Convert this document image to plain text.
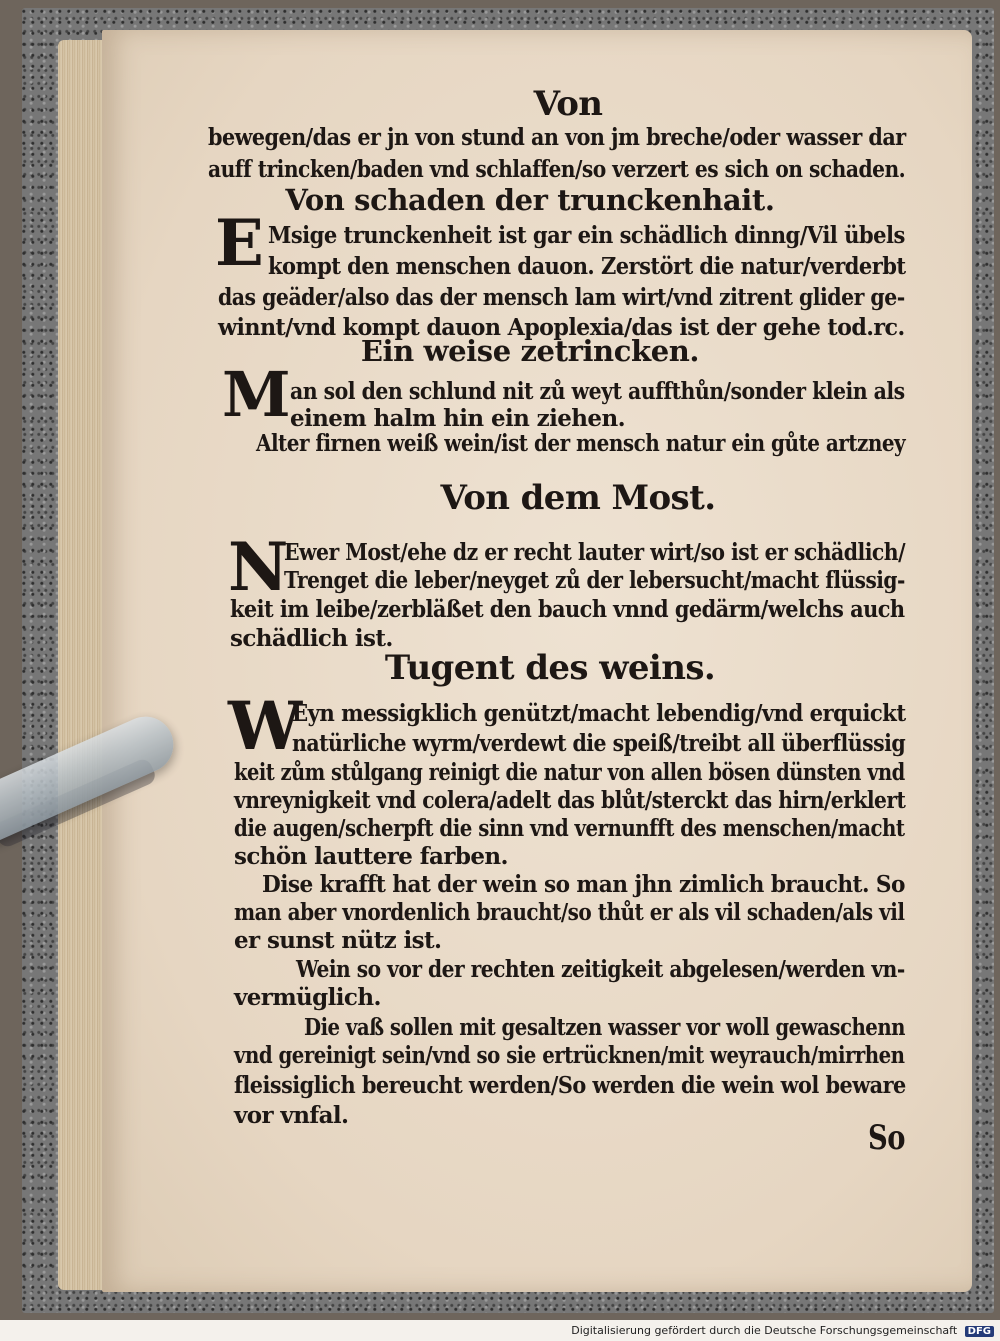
Von
bewegen/das er jn von stund an von jm breche/oder wasser dar
auff trincken/baden vnd schlaffen/so verzert es sich on schaden.
Von schaden der trunckenhait.
E Msige trunckenheit ist gar ein schädlich dinng/Vil übels
kompt den menschen dauon. Zerstört die natur/verderbt
das geäder/also das der mensch lam wirt/vnd zitrent glider ge-
winnt/vnd kompt dauon Apoplexia/das ist der gehe tod.rc.
Ein weise zetrincken.
M an sol den schlund nit zů weyt auffthůn/sonder klein als
einem halm hin ein ziehen.
Alter firnen weiß wein/ist der mensch natur ein gůte artzney
Von dem Most.
N
Ewer Most/ehe dz er recht lauter wirt/so ist er schädlich/
Trenget die leber/neyget zů der lebersucht/macht flüssig-
keit im leibe/zerbläßet den bauch vnnd gedärm/welchs auch
schädlich ist.
Tugent des weins.
W
Eyn messigklich genützt/macht lebendig/vnd erquickt
natürliche wyrm/verdewt die speiß/treibt all überflüssig
keit zům stůlgang reinigt die natur von allen bösen dünsten vnd
vnreynigkeit vnd colera/adelt das blůt/sterckt das hirn/erklert
die augen/scherpft die sinn vnd vernunfft des menschen/macht
schön lauttere farben.
Dise krafft hat der wein so man jhn zimlich braucht. So
man aber vnordenlich braucht/so thůt er als vil schaden/als vil
er sunst nütz ist.
Wein so vor der rechten zeitigkeit abgelesen/werden vn-
vermüglich.
Die vaß sollen mit gesaltzen wasser vor woll gewaschenn
vnd gereinigt sein/vnd so sie ertrücknen/mit weyrauch/mirrhen
fleissiglich bereucht werden/So werden die wein wol beware
vor vnfal.
So
Digitalisierung gefördert durch die Deutsche Forschungsgemeinschaft DFG
